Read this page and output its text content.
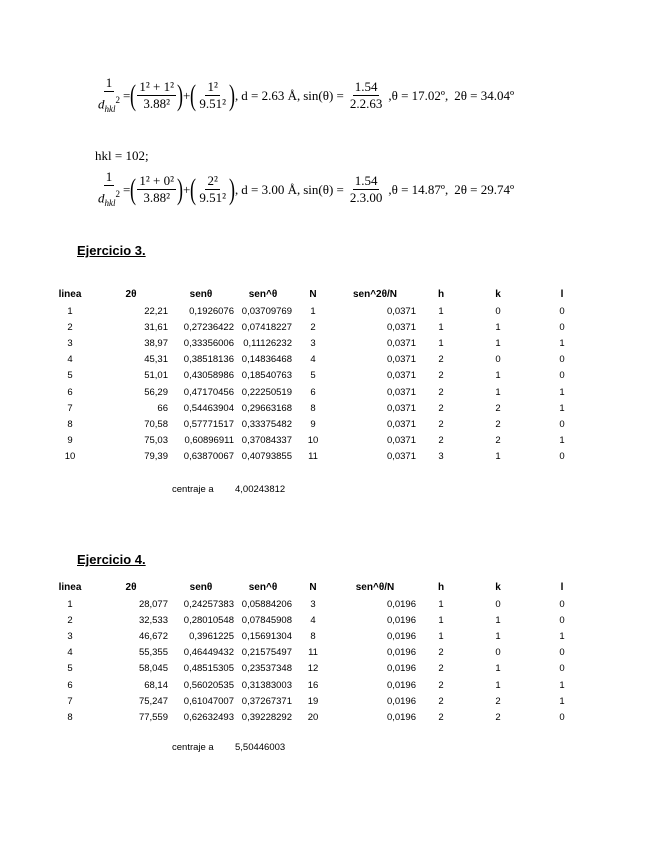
$\frac{1}{d_{hkl}^2}$ = ( $\frac{\text{1² + 1²}}{\text{3.88²}}$ ) + ( $\frac{\text{1²}}{\text{9.51²}}$ ) , d = 2.63 Å , $\sin(\theta) = \frac{1.54}{2.2.63}$ , θ = 17.02º, 2θ = 34.04º
hkl = 102;
$\frac{1}{d_{hkl}^2}$ = ( $\frac{\text{1² + 0²}}{\text{3.88²}}$ ) + ( $\frac{\text{2²}}{\text{9.51²}}$ ) , d = 3.00 Å , $\sin(\theta) = \frac{1.54}{2.3.00}$ , θ = 14.87º, 2θ = 29.74º
Ejercicio 3.
linea	2θ	senθ	sen^θ	N	sen^2θ/N	h	k	l
1	22,21	0,1926076	0,03709769	1	0,0371	1	0	0
2	31,61	0,27236422	0,07418227	2	0,0371	1	1	0
3	38,97	0,33356006	0,11126232	3	0,0371	1	1	1
4	45,31	0,38518136	0,14836468	4	0,0371	2	0	0
5	51,01	0,43058986	0,18540763	5	0,0371	2	1	0
6	56,29	0,47170456	0,22250519	6	0,0371	2	1	1
7	66	0,54463904	0,29663168	8	0,0371	2	2	1
8	70,58	0,57771517	0,33375482	9	0,0371	2	2	0
9	75,03	0,60896911	0,37084337	10	0,0371	2	2	1
10	79,39	0,63870067	0,40793855	11	0,0371	3	1	0
centraje a 4,00243812
Ejercicio 4.
linea	2θ	senθ	sen^θ	N	sen^θ/N	h	k	l
1	28,077	0,24257383	0,05884206	3	0,0196	1	0	0
2	32,533	0,28010548	0,07845908	4	0,0196	1	1	0
3	46,672	0,3961225	0,15691304	8	0,0196	1	1	1
4	55,355	0,46449432	0,21575497	11	0,0196	2	0	0
5	58,045	0,48515305	0,23537348	12	0,0196	2	1	0
6	68,14	0,56020535	0,31383003	16	0,0196	2	1	1
7	75,247	0,61047007	0,37267371	19	0,0196	2	2	1
8	77,559	0,62632493	0,39228292	20	0,0196	2	2	0
centraje a 5,50446003
